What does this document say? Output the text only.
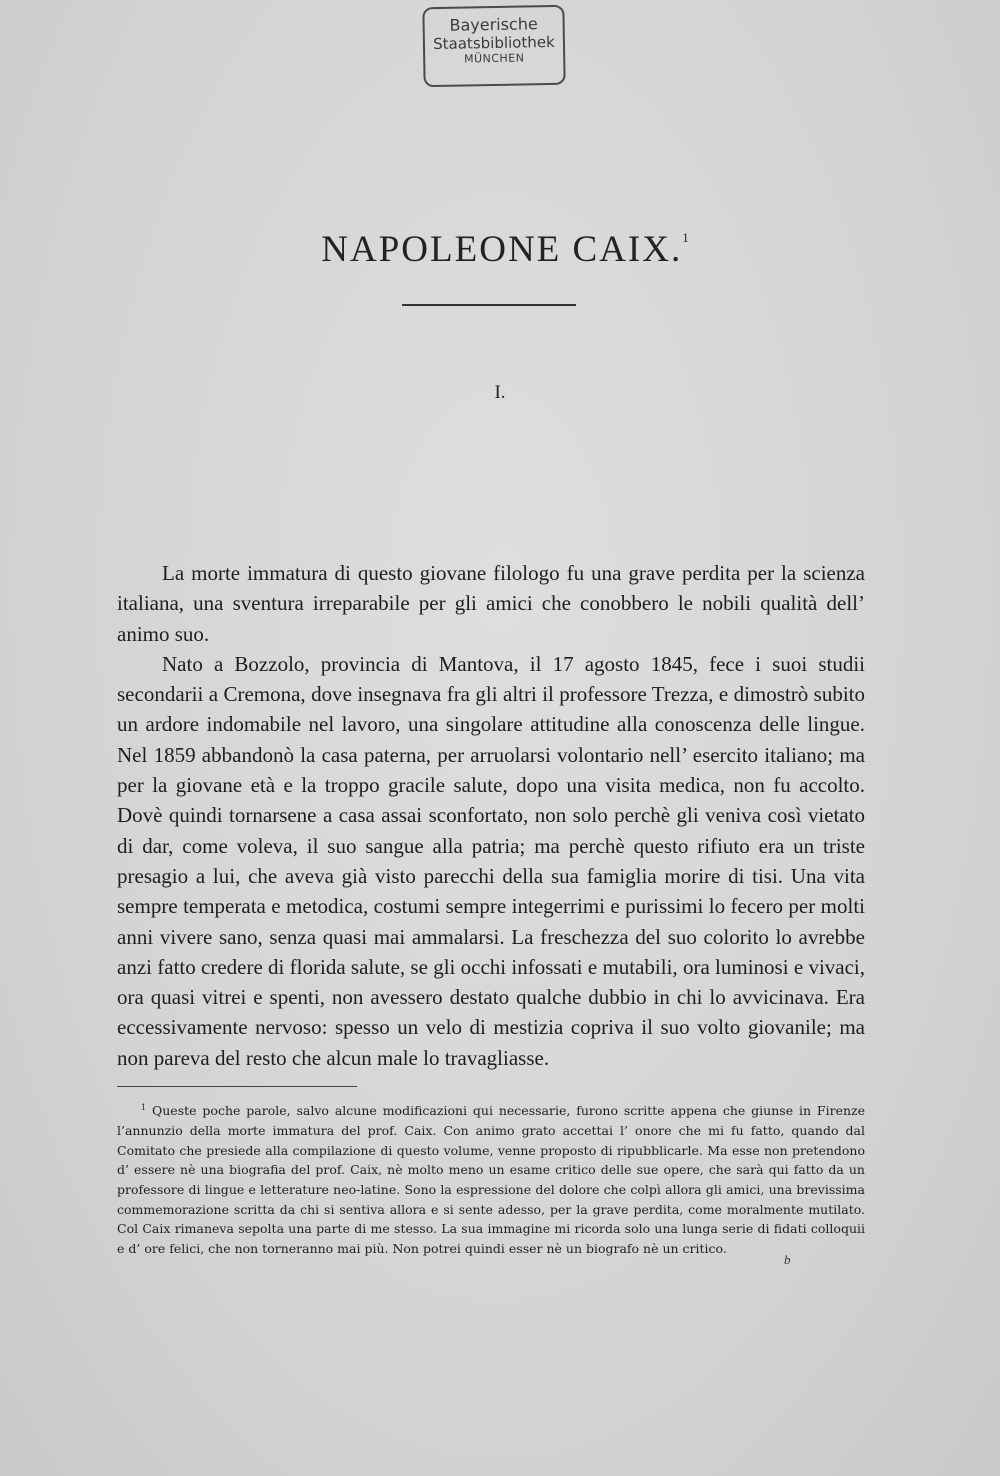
Bayerische
Staatsbibliothek
MÜNCHEN
NAPOLEONE CAIX.$^1$
I.

La morte immatura di questo giovane filologo fu una grave perdita per la scienza italiana, una sventura irreparabile per gli amici che conobbero le nobili qualità dell’ animo suo.

Nato a Bozzolo, provincia di Mantova, il 17 agosto 1845, fece i suoi studii secondarii a Cremona, dove insegnava fra gli altri il professore Trezza, e dimostrò subito un ardore indomabile nel lavoro, una singolare attitudine alla conoscenza delle lingue. Nel 1859 abbandonò la casa paterna, per arruolarsi volontario nell’ esercito italiano; ma per la giovane età e la troppo gracile salute, dopo una visita medica, non fu accolto. Dovè quindi tornarsene a casa assai sconfortato, non solo perchè gli veniva così vietato di dar, come voleva, il suo sangue alla patria; ma perchè questo rifiuto era un triste presagio a lui, che aveva già visto parecchi della sua famiglia morire di tisi. Una vita sempre temperata e metodica, costumi sempre integerrimi e purissimi lo fecero per molti anni vivere sano, senza quasi mai ammalarsi. La freschezza del suo colorito lo avrebbe anzi fatto credere di florida salute, se gli occhi infossati e mutabili, ora luminosi e vivaci, ora quasi vitrei e spenti, non avessero destato qualche dubbio in chi lo avvicinava. Era eccessivamente nervoso: spesso un velo di mestizia copriva il suo volto giovanile; ma non pareva del resto che alcun male lo travagliasse.

$^1$ Queste poche parole, salvo alcune modificazioni qui necessarie, furono scritte appena che giunse in Firenze l’annunzio della morte immatura del prof. Caix. Con animo grato accettai l’ onore che mi fu fatto, quando dal Comitato che presiede alla compilazione di questo volume, venne proposto di ripubblicarle. Ma esse non pretendono d’ essere nè una biografia del prof. Caix, nè molto meno un esame critico delle sue opere, che sarà qui fatto da un professore di lingue e letterature neo-latine. Sono la espressione del dolore che colpì allora gli amici, una brevissima commemorazione scritta da chi si sentiva allora e si sente adesso, per la grave perdita, come moralmente mutilato. Col Caix rimaneva sepolta una parte di me stesso. La sua immagine mi ricorda solo una lunga serie di fidati colloquii e d’ ore felici, che non torneranno mai più. Non potrei quindi esser nè un biografo nè un critico.
b
